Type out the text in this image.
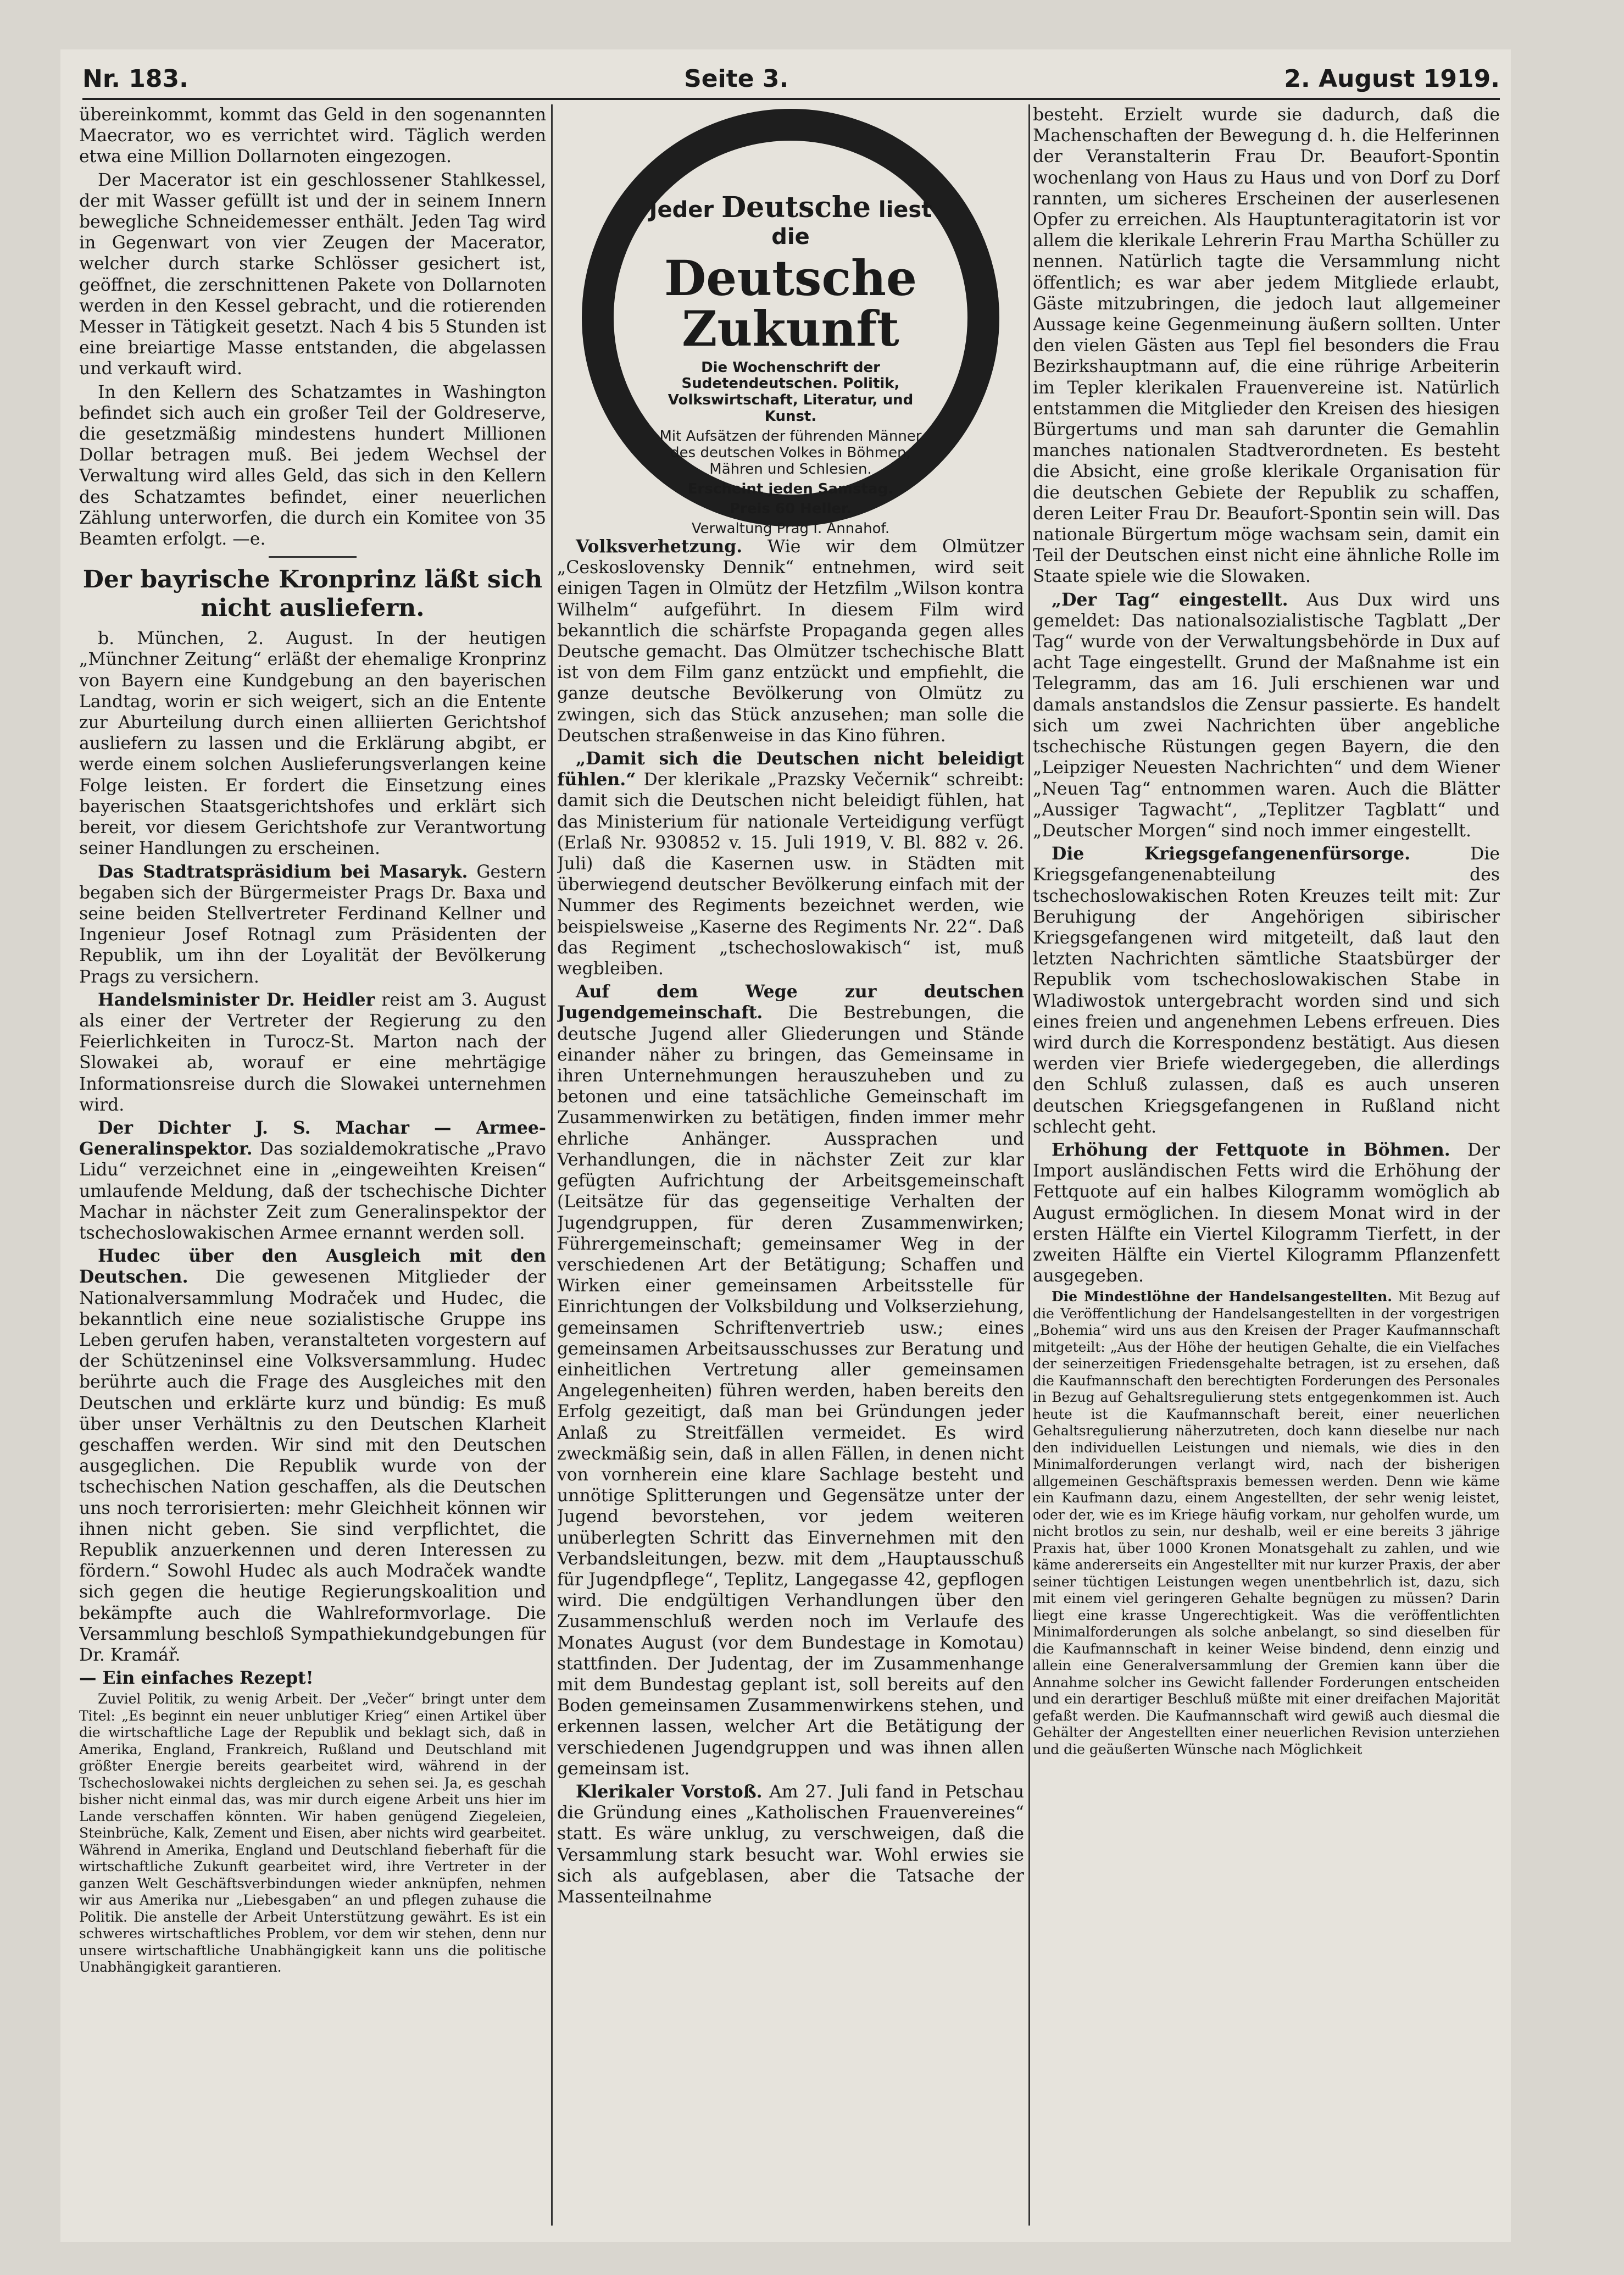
Nr. 183.	Seite 3.	2. August 1919.

übereinkommt, kommt das Geld in den sogenannten Maecrator, wo es verrichtet wird. Täglich werden etwa eine Million Dollarnoten eingezogen.

Der Macerator ist ein geschlossener Stahlkessel, der mit Wasser gefüllt ist und der in seinem Innern bewegliche Schneidemesser enthält. Jeden Tag wird in Gegenwart von vier Zeugen der Macerator, welcher durch starke Schlösser gesichert ist, geöffnet, die zerschnittenen Pakete von Dollarnoten werden in den Kessel gebracht, und die rotierenden Messer in Tätigkeit gesetzt. Nach 4 bis 5 Stunden ist eine breiartige Masse entstanden, die abgelassen und verkauft wird.

In den Kellern des Schatzamtes in Washington befindet sich auch ein großer Teil der Goldreserve, die gesetzmäßig mindestens hundert Millionen Dollar betragen muß. Bei jedem Wechsel der Verwaltung wird alles Geld, das sich in den Kellern des Schatzamtes befindet, einer neuerlichen Zählung unterworfen, die durch ein Komitee von 35 Beamten erfolgt. —e.

Der bayrische Kronprinz läßt sich nicht ausliefern.

b. München, 2. August. In der heutigen „Münchner Zeitung“ erläßt der ehemalige Kronprinz von Bayern eine Kundgebung an den bayerischen Landtag, worin er sich weigert, sich an die Entente zur Aburteilung durch einen alliierten Gerichtshof ausliefern zu lassen und die Erklärung abgibt, er werde einem solchen Auslieferungsverlangen keine Folge leisten. Er fordert die Einsetzung eines bayerischen Staatsgerichtshofes und erklärt sich bereit, vor diesem Gerichtshofe zur Verantwortung seiner Handlungen zu erscheinen.

Das Stadtratspräsidium bei Masaryk. Gestern begaben sich der Bürgermeister Prags Dr. Baxa und seine beiden Stellvertreter Ferdinand Kellner und Ingenieur Josef Rotnagl zum Präsidenten der Republik, um ihn der Loyalität der Bevölkerung Prags zu versichern.

Handelsminister Dr. Heidler reist am 3. August als einer der Vertreter der Regierung zu den Feierlichkeiten in Turocz-St. Marton nach der Slowakei ab, worauf er eine mehrtägige Informationsreise durch die Slowakei unternehmen wird.

Der Dichter J. S. Machar — Armee-Generalinspektor. Das sozialdemokratische „Pravo Lidu“ verzeichnet eine in „eingeweihten Kreisen“ umlaufende Meldung, daß der tschechische Dichter Machar in nächster Zeit zum Generalinspektor der tschechoslowakischen Armee ernannt werden soll.

Hudec über den Ausgleich mit den Deutschen. Die gewesenen Mitglieder der Nationalversammlung Modraček und Hudec, die bekanntlich eine neue sozialistische Gruppe ins Leben gerufen haben, veranstalteten vorgestern auf der Schützeninsel eine Volksversammlung. Hudec berührte auch die Frage des Ausgleiches mit den Deutschen und erklärte kurz und bündig: Es muß über unser Verhältnis zu den Deutschen Klarheit geschaffen werden. Wir sind mit den Deutschen ausgeglichen. Die Republik wurde von der tschechischen Nation geschaffen, als die Deutschen uns noch terrorisierten: mehr Gleichheit können wir ihnen nicht geben. Sie sind verpflichtet, die Republik anzuerkennen und deren Interessen zu fördern.“ Sowohl Hudec als auch Modraček wandte sich gegen die heutige Regierungskoalition und bekämpfte auch die Wahlreformvorlage. Die Versammlung beschloß Sympathiekundgebungen für Dr. Kramář.

— Ein einfaches Rezept!

Zuviel Politik, zu wenig Arbeit. Der „Večer“ bringt unter dem Titel: „Es beginnt ein neuer unblutiger Krieg“ einen Artikel über die wirtschaftliche Lage der Republik und beklagt sich, daß in Amerika, England, Frankreich, Rußland und Deutschland mit größter Energie bereits gearbeitet wird, während in der Tschechoslowakei nichts dergleichen zu sehen sei. Ja, es geschah bisher nicht einmal das, was mir durch eigene Arbeit uns hier im Lande verschaffen könnten. Wir haben genügend Ziegeleien, Steinbrüche, Kalk, Zement und Eisen, aber nichts wird gearbeitet. Während in Amerika, England und Deutschland fieberhaft für die wirtschaftliche Zukunft gearbeitet wird, ihre Vertreter in der ganzen Welt Geschäftsverbindungen wieder anknüpfen, nehmen wir aus Amerika nur „Liebesgaben“ an und pflegen zuhause die Politik. Die anstelle der Arbeit Unterstützung gewährt. Es ist ein schweres wirtschaftliches Problem, vor dem wir stehen, denn nur unsere wirtschaftliche Unabhängigkeit kann uns die politische Unabhängigkeit garantieren.

Jeder Deutsche liest die
Deutsche Zukunft
Die Wochenschrift der Sudetendeutschen. Politik, Volkswirtschaft, Literatur, und Kunst.
Mit Aufsätzen der führenden Männer des deutschen Volkes in Böhmen, Mähren und Schlesien.
Erscheint jeden Samstag.
Preis 60 Heller.
Verwaltung Prag I. Annahof.

Volksverhetzung. Wie wir dem Olmützer „Ceskoslovensky Dennik“ entnehmen, wird seit einigen Tagen in Olmütz der Hetzfilm „Wilson kontra Wilhelm“ aufgeführt. In diesem Film wird bekanntlich die schärfste Propaganda gegen alles Deutsche gemacht. Das Olmützer tschechische Blatt ist von dem Film ganz entzückt und empfiehlt, die ganze deutsche Bevölkerung von Olmütz zu zwingen, sich das Stück anzusehen; man solle die Deutschen straßenweise in das Kino führen.

„Damit sich die Deutschen nicht beleidigt fühlen.“ Der klerikale „Prazsky Večernik“ schreibt: damit sich die Deutschen nicht beleidigt fühlen, hat das Ministerium für nationale Verteidigung verfügt (Erlaß Nr. 930852 v. 15. Juli 1919, V. Bl. 882 v. 26. Juli) daß die Kasernen usw. in Städten mit überwiegend deutscher Bevölkerung einfach mit der Nummer des Regiments bezeichnet werden, wie beispielsweise „Kaserne des Regiments Nr. 22“. Daß das Regiment „tschechoslowakisch“ ist, muß wegbleiben.

Auf dem Wege zur deutschen Jugendgemeinschaft. Die Bestrebungen, die deutsche Jugend aller Gliederungen und Stände einander näher zu bringen, das Gemeinsame in ihren Unternehmungen herauszuheben und zu betonen und eine tatsächliche Gemeinschaft im Zusammenwirken zu betätigen, finden immer mehr ehrliche Anhänger. Aussprachen und Verhandlungen, die in nächster Zeit zur klar gefügten Aufrichtung der Arbeitsgemeinschaft (Leitsätze für das gegenseitige Verhalten der Jugendgruppen, für deren Zusammenwirken; Führergemeinschaft; gemeinsamer Weg in der verschiedenen Art der Betätigung; Schaffen und Wirken einer gemeinsamen Arbeitsstelle für Einrichtungen der Volksbildung und Volkserziehung, gemeinsamen Schriftenvertrieb usw.; eines gemeinsamen Arbeitsausschusses zur Beratung und einheitlichen Vertretung aller gemeinsamen Angelegenheiten) führen werden, haben bereits den Erfolg gezeitigt, daß man bei Gründungen jeder Anlaß zu Streitfällen vermeidet. Es wird zweckmäßig sein, daß in allen Fällen, in denen nicht von vornherein eine klare Sachlage besteht und unnötige Splitterungen und Gegensätze unter der Jugend bevorstehen, vor jedem weiteren unüberlegten Schritt das Einvernehmen mit den Verbandsleitungen, bezw. mit dem „Hauptausschuß für Jugendpflege“, Teplitz, Langegasse 42, gepflogen wird. Die endgültigen Verhandlungen über den Zusammenschluß werden noch im Verlaufe des Monates August (vor dem Bundestage in Komotau) stattfinden. Der Judentag, der im Zusammenhange mit dem Bundestag geplant ist, soll bereits auf den Boden gemeinsamen Zusammenwirkens stehen, und erkennen lassen, welcher Art die Betätigung der verschiedenen Jugendgruppen und was ihnen allen gemeinsam ist.

Klerikaler Vorstoß. Am 27. Juli fand in Petschau die Gründung eines „Katholischen Frauenvereines“ statt. Es wäre unklug, zu verschweigen, daß die Versammlung stark besucht war. Wohl erwies sie sich als aufgeblasen, aber die Tatsache der Massenteilnahme

besteht. Erzielt wurde sie dadurch, daß die Machenschaften der Bewegung d. h. die Helferinnen der Veranstalterin Frau Dr. Beaufort-Spontin wochenlang von Haus zu Haus und von Dorf zu Dorf rannten, um sicheres Erscheinen der auserlesenen Opfer zu erreichen. Als Hauptunteragitatorin ist vor allem die klerikale Lehrerin Frau Martha Schüller zu nennen. Natürlich tagte die Versammlung nicht öffentlich; es war aber jedem Mitgliede erlaubt, Gäste mitzubringen, die jedoch laut allgemeiner Aussage keine Gegenmeinung äußern sollten. Unter den vielen Gästen aus Tepl fiel besonders die Frau Bezirkshauptmann auf, die eine rührige Arbeiterin im Tepler klerikalen Frauenvereine ist. Natürlich entstammen die Mitglieder den Kreisen des hiesigen Bürgertums und man sah darunter die Gemahlin manches nationalen Stadtverordneten. Es besteht die Absicht, eine große klerikale Organisation für die deutschen Gebiete der Republik zu schaffen, deren Leiter Frau Dr. Beaufort-Spontin sein will. Das nationale Bürgertum möge wachsam sein, damit ein Teil der Deutschen einst nicht eine ähnliche Rolle im Staate spiele wie die Slowaken.

„Der Tag“ eingestellt. Aus Dux wird uns gemeldet: Das nationalsozialistische Tagblatt „Der Tag“ wurde von der Verwaltungsbehörde in Dux auf acht Tage eingestellt. Grund der Maßnahme ist ein Telegramm, das am 16. Juli erschienen war und damals anstandslos die Zensur passierte. Es handelt sich um zwei Nachrichten über angebliche tschechische Rüstungen gegen Bayern, die den „Leipziger Neuesten Nachrichten“ und dem Wiener „Neuen Tag“ entnommen waren. Auch die Blätter „Aussiger Tagwacht“, „Teplitzer Tagblatt“ und „Deutscher Morgen“ sind noch immer eingestellt.

Die Kriegsgefangenenfürsorge.	Die Kriegsgefangenenabteilung des tschechoslowakischen Roten Kreuzes teilt mit: Zur Beruhigung der Angehörigen sibirischer Kriegsgefangenen wird mitgeteilt, daß laut den letzten Nachrichten sämtliche Staatsbürger der Republik vom tschechoslowakischen Stabe in Wladiwostok untergebracht worden sind und sich eines freien und angenehmen Lebens erfreuen. Dies wird durch die Korrespondenz bestätigt. Aus diesen werden vier Briefe wiedergegeben, die allerdings den Schluß zulassen, daß es auch unseren deutschen Kriegsgefangenen in Rußland nicht schlecht geht.

Erhöhung der Fettquote in Böhmen. Der Import ausländischen Fetts wird die Erhöhung der Fettquote auf ein halbes Kilogramm womöglich ab August ermöglichen. In diesem Monat wird in der ersten Hälfte ein Viertel Kilogramm Tierfett, in der zweiten Hälfte ein Viertel Kilogramm Pflanzenfett ausgegeben.

Die Mindestlöhne der Handelsangestellten. Mit Bezug auf die Veröffentlichung der Handelsangestellten in der vorgestrigen „Bohemia“ wird uns aus den Kreisen der Prager Kaufmannschaft mitgeteilt: „Aus der Höhe der heutigen Gehalte, die ein Vielfaches der seinerzeitigen Friedensgehalte betragen, ist zu ersehen, daß die Kaufmannschaft den berechtigten Forderungen des Personales in Bezug auf Gehaltsregulierung stets entgegenkommen ist. Auch heute ist die Kaufmannschaft bereit, einer neuerlichen Gehaltsregulierung näherzutreten, doch kann dieselbe nur nach den individuellen Leistungen und niemals, wie dies in den Minimalforderungen verlangt wird, nach der bisherigen allgemeinen Geschäftspraxis bemessen werden. Denn wie käme ein Kaufmann dazu, einem Angestellten, der sehr wenig leistet, oder der, wie es im Kriege häufig vorkam, nur geholfen wurde, um nicht brotlos zu sein, nur deshalb, weil er eine bereits 3 jährige Praxis hat, über 1000 Kronen Monatsgehalt zu zahlen, und wie käme andererseits ein Angestellter mit nur kurzer Praxis, der aber seiner tüchtigen Leistungen wegen unentbehrlich ist, dazu, sich mit einem viel geringeren Gehalte begnügen zu müssen? Darin liegt eine krasse Ungerechtigkeit. Was die veröffentlichten Minimalforderungen als solche anbelangt, so sind dieselben für die Kaufmannschaft in keiner Weise bindend, denn einzig und allein eine Generalversammlung der Gremien kann über die Annahme solcher ins Gewicht fallender Forderungen entscheiden und ein derartiger Beschluß müßte mit einer dreifachen Majorität gefaßt werden. Die Kaufmannschaft wird gewiß auch diesmal die Gehälter der Angestellten einer neuerlichen Revision unterziehen und die geäußerten Wünsche nach Möglichkeit
